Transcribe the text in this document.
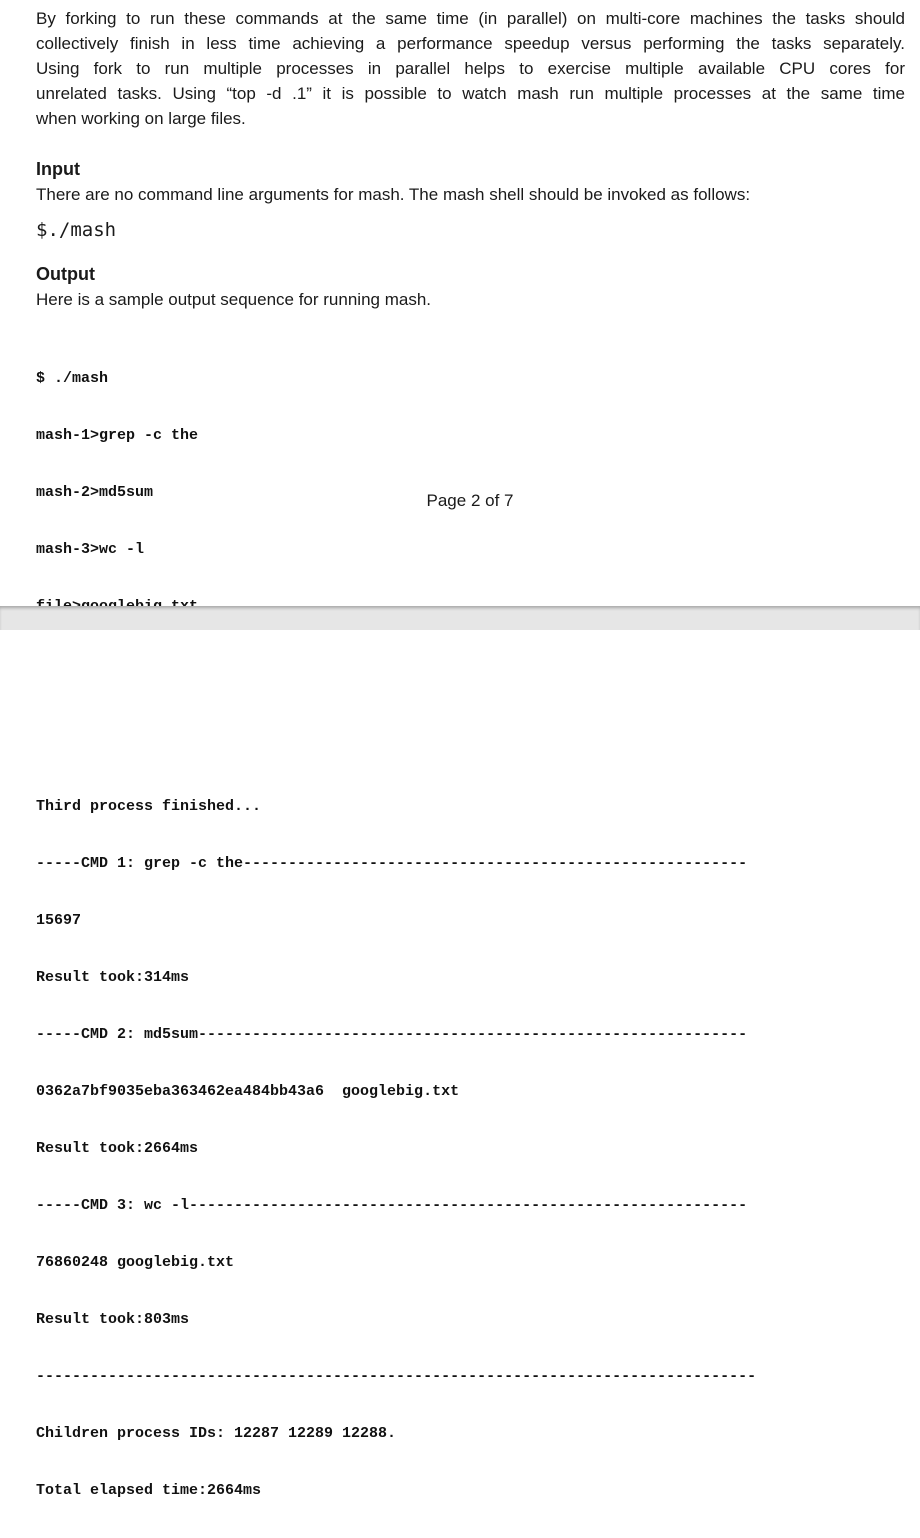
By forking to run these commands at the same time (in parallel) on multi-core machines the tasks should
collectively finish in less time achieving a performance speedup versus performing the tasks separately.
Using fork to run multiple processes in parallel helps to exercise multiple available CPU cores for
unrelated tasks. Using “top -d .1” it is possible to watch mash run multiple processes at the same time
when working on large files.
Input

There are no command line arguments for mash. The mash shell should be invoked as follows:

$./mash

Output

Here is a sample output sequence for running mash.

$ ./mash

mash-1>grep -c the

mash-2>md5sum

mash-3>wc -l

Page 2 of 7

Third process finished...

-----CMD 1: grep -c the--------------------------------------------------------

15697

Result took:314ms

-----CMD 2: md5sum-------------------------------------------------------------

0362a7bf9035eba363462ea484bb43a6  googlebig.txt

Result took:2664ms

-----CMD 3: wc -l--------------------------------------------------------------

76860248 googlebig.txt

Result took:803ms

--------------------------------------------------------------------------------

Children process IDs: 12287 12289 12288.

Total elapsed time:2664ms
